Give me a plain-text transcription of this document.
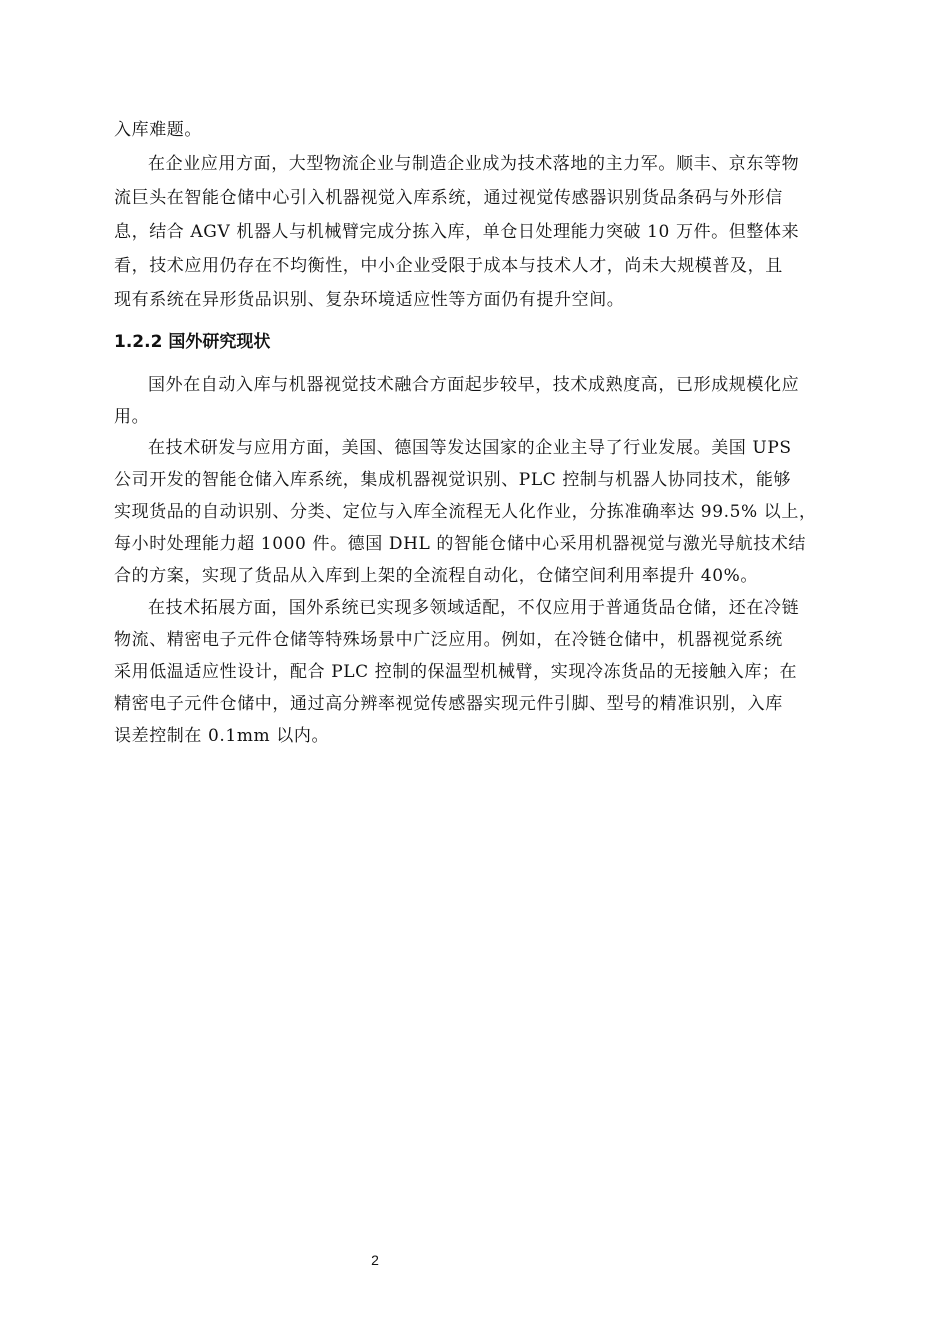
入库难题。
在企业应用方面，大型物流企业与制造企业成为技术落地的主力军。顺丰、京东等物
流巨头在智能仓储中心引入机器视觉入库系统，通过视觉传感器识别货品条码与外形信
息，结合 AGV 机器人与机械臂完成分拣入库，单仓日处理能力突破 10 万件。但整体来
看，技术应用仍存在不均衡性，中小企业受限于成本与技术人才，尚未大规模普及，且
现有系统在异形货品识别、复杂环境适应性等方面仍有提升空间。
1.2.2 国外研究现状
国外在自动入库与机器视觉技术融合方面起步较早，技术成熟度高，已形成规模化应
用。
在技术研发与应用方面，美国、德国等发达国家的企业主导了行业发展。美国 UPS
公司开发的智能仓储入库系统，集成机器视觉识别、PLC 控制与机器人协同技术，能够
实现货品的自动识别、分类、定位与入库全流程无人化作业，分拣准确率达 99.5% 以上，
每小时处理能力超 1000 件。德国 DHL 的智能仓储中心采用机器视觉与激光导航技术结
合的方案，实现了货品从入库到上架的全流程自动化，仓储空间利用率提升 40%。
在技术拓展方面，国外系统已实现多领域适配，不仅应用于普通货品仓储，还在冷链
物流、精密电子元件仓储等特殊场景中广泛应用。例如，在冷链仓储中，机器视觉系统
采用低温适应性设计，配合 PLC 控制的保温型机械臂，实现冷冻货品的无接触入库；在
精密电子元件仓储中，通过高分辨率视觉传感器实现元件引脚、型号的精准识别，入库
误差控制在 0.1mm 以内。
2
